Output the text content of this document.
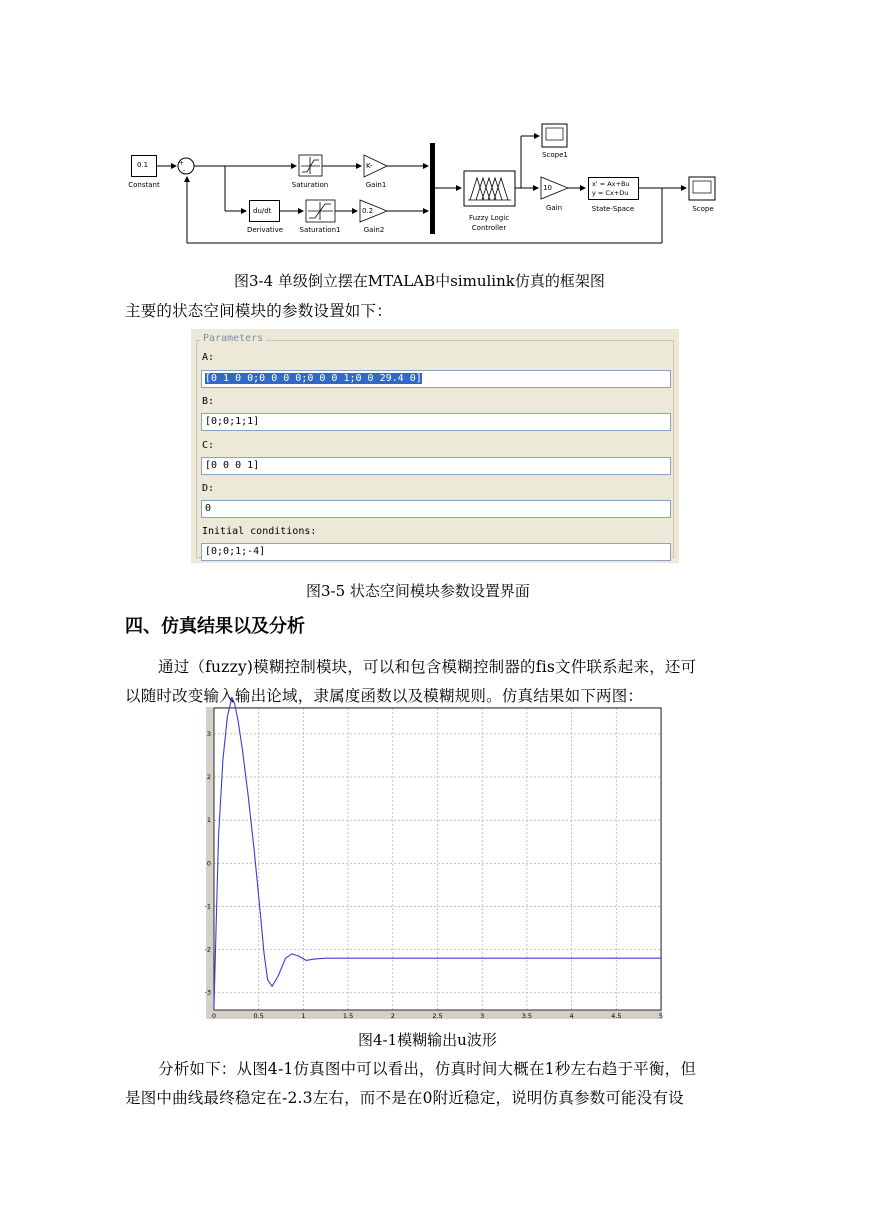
0.1
Constant
+
-
Saturation
K-
Gain1
du/dt
Derivative	Saturation1
0.2
Gain2
Fuzzy Logic
Controller
Scope1
10
Gain
x' = Ax+Bu
y = Cx+Du
State-Space	Scope
图3-4 单级倒立摆在MTALAB中simulink仿真的框架图
主要的状态空间模块的参数设置如下：
Parameters
A:
[0 1 0 0;0 0 0 0;0 0 0 1;0 0 29.4 0]
B:
[0;0;1;1]
C:
[0 0 0 1]
D:
0
Initial conditions:
[0;0;1;-4]
图3-5 状态空间模块参数设置界面
四、仿真结果以及分析
通过（fuzzy)模糊控制模块，可以和包含模糊控制器的fis文件联系起来，还可
以随时改变输入输出论域，隶属度函数以及模糊规则。仿真结果如下两图：
0	0.5	1	1.5	2	2.5	3	3.5	4	4.5	5
3
2
1
0
-1
-2
-3
图4-1模糊输出u波形
分析如下：从图4-1仿真图中可以看出，仿真时间大概在1秒左右趋于平衡，但
是图中曲线最终稳定在-2.3左右，而不是在0附近稳定，说明仿真参数可能没有设
